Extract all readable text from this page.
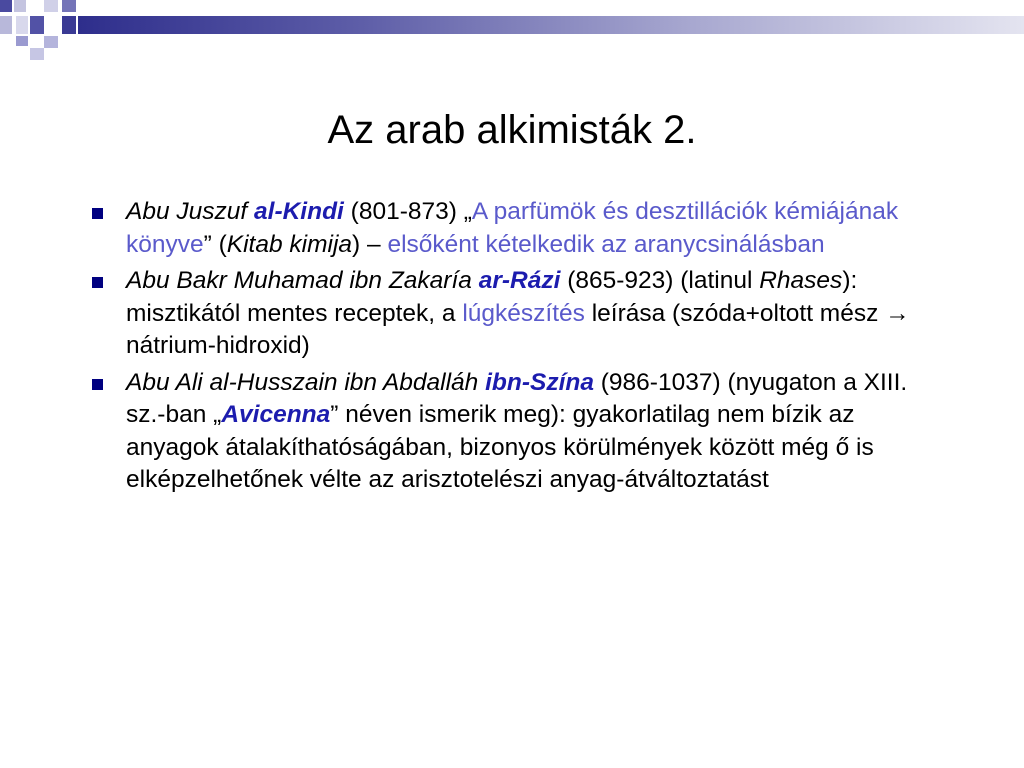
Az arab alkimisták 2.
Abu Juszuf al-Kindi (801-873) „A parfümök és desztillációk kémiájának könyve” (Kitab kimija) – elsőként kételkedik az aranycsinálásban
Abu Bakr Muhamad ibn Zakaría ar-Rázi (865-923) (latinul Rhases): misztikától mentes receptek, a lúgkészítés leírása (szóda+oltott mész → nátrium-hidroxid)
Abu Ali al-Husszain ibn Abdalláh ibn-Szína (986-1037) (nyugaton a XIII. sz.-ban „Avicenna” néven ismerik meg): gyakorlatilag nem bízik az anyagok átalakíthatóságában, bizonyos körülmények között még ő is elképzelhetőnek vélte az arisztotelészi anyag-átváltoztatást
